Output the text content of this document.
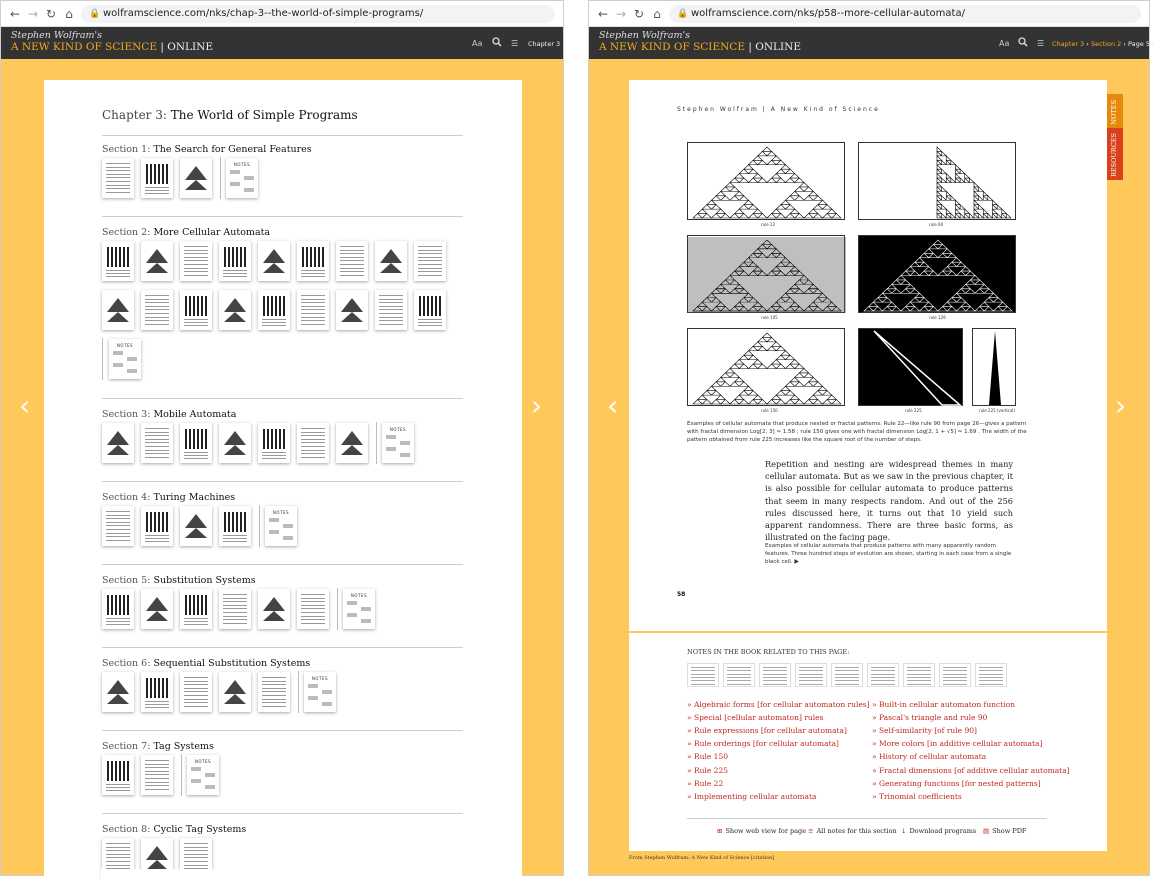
← → ↻ ⌂	🔒 wolframscience.com/nks/chap-3--the-world-of-simple-programs/
Stephen Wolfram's
A NEW KIND OF SCIENCE | ONLINE	Aa	☰ Chapter 3
‹	›
Chapter 3: The World of Simple Programs
Section 1: The Search for General Features
NOTES
Section 2: More Cellular Automata
NOTES
Section 3: Mobile Automata
NOTES
Section 4: Turing Machines
NOTES
Section 5: Substitution Systems
NOTES
Section 6: Sequential Substitution Systems
NOTES
Section 7: Tag Systems
NOTES
Section 8: Cyclic Tag Systems
← → ↻ ⌂	🔒 wolframscience.com/nks/p58--more-cellular-automata/
Stephen Wolfram's
A NEW KIND OF SCIENCE | ONLINE	Aa	☰ Chapter 3 › Section 2 › Page 58
‹	›
Stephen Wolfram | A New Kind of Science
rule 22	rule 60
rule 105	rule 129
rule 150	rule 225	rule 225 (vertical)
Examples of cellular automata that produce nested or fractal patterns. Rule 22—like rule 90 from page 26—gives a pattern with fractal dimension Log[2, 3] ≈ 1.58 ; rule 150 gives one with fractal dimension Log[2, 1 + √5] ≈ 1.69 . The width of the pattern obtained from rule 225 increases like the square root of the number of steps.
Repetition and nesting are widespread themes in many cellular automata. But as we saw in the previous chapter, it is also possible for cellular automata to produce patterns that seem in many respects random. And out of the 256 rules discussed here, it turns out that 10 yield such apparent randomness. There are three basic forms, as illustrated on the facing page.
Examples of cellular automata that produce patterns with many apparently random features. Three hundred steps of evolution are shown, starting in each case from a single black cell. ▶
58
NOTES
RESOURCES
NOTES IN THE BOOK RELATED TO THIS PAGE:
» Algebraic forms [for cellular automaton rules]
» Special [cellular automaton] rules
» Rule expressions [for cellular automata]
» Rule orderings [for cellular automata]
» Rule 150
» Rule 225
» Rule 22
» Implementing cellular automata
» Built-in cellular automaton function
» Pascal's triangle and rule 90
» Self-similarity [of rule 90]
» More colors [in additive cellular automata]
» History of cellular automata
» Fractal dimensions [of additive cellular automata]
» Generating functions [for nested patterns]
» Trinomial coefficients
⊞ Show web view for page ≡ All notes for this section ⤓ Download programs ▤ Show PDF
From Stephen Wolfram: A New Kind of Science [citation]
